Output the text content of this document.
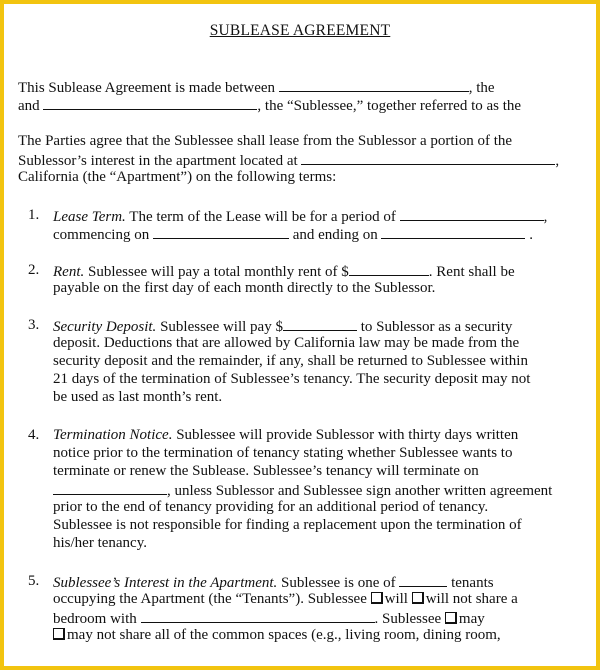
SUBLEASE AGREEMENT
This Sublease Agreement is made between	, the
and	, the “Sublessee,” together referred to as the
The Parties agree that the Sublessee shall lease from the Sublessor a portion of the
Sublessor’s interest in the apartment located at	,
California (the “Apartment”) on the following terms:
1. Lease Term. The term of the Lease will be for a period of	,
commencing on	and ending on	.
2. Rent. Sublessee will pay a total monthly rent of $	. Rent shall be
payable on the first day of each month directly to the Sublessor.
3. Security Deposit. Sublessee will pay $	to Sublessor as a security
deposit. Deductions that are allowed by California law may be made from the
security deposit and the remainder, if any, shall be returned to Sublessee within
21 days of the termination of Sublessee’s tenancy. The security deposit may not
be used as last month’s rent.
4. Termination Notice. Sublessee will provide Sublessor with thirty days written
notice prior to the termination of tenancy stating whether Sublessee wants to
terminate or renew the Sublease. Sublessee’s tenancy will terminate on
, unless Sublessor and Sublessee sign another written agreement
prior to the end of tenancy providing for an additional period of tenancy.
Sublessee is not responsible for finding a replacement upon the termination of
his/her tenancy.
5. Sublessee’s Interest in the Apartment. Sublessee is one of	tenants
occupying the Apartment (the “Tenants”). Sublessee will will not share a
bedroom with	. Sublessee may
may not share all of the common spaces (e.g., living room, dining room,
